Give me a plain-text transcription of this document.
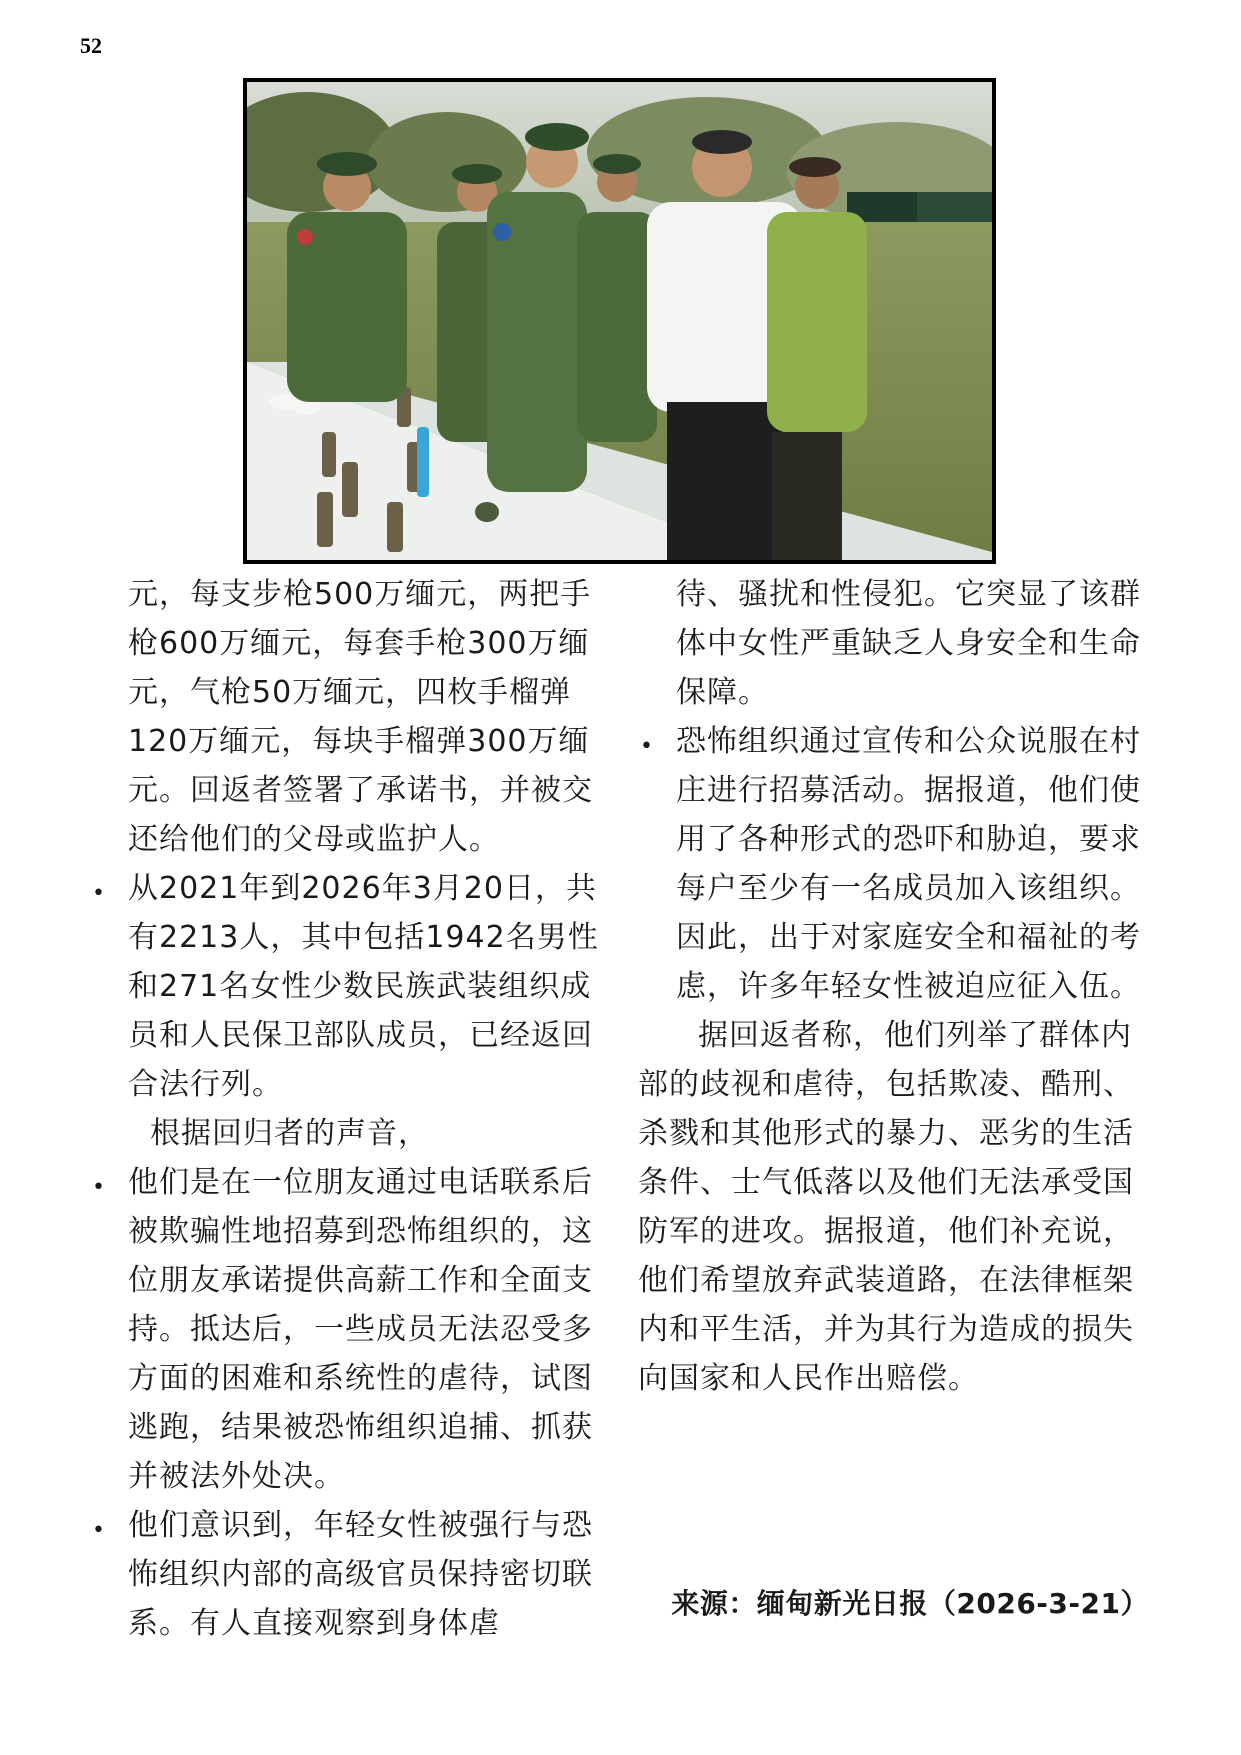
52

元，每支步枪500万缅元，两把手枪600万缅元，每套手枪300万缅元，气枪50万缅元，四枚手榴弹120万缅元，每块手榴弹300万缅元。回返者签署了承诺书，并被交还给他们的父母或监护人。

• 从2021年到2026年3月20日，共有2213人，其中包括1942名男性和271名女性少数民族武装组织成员和人民保卫部队成员，已经返回合法行列。

根据回归者的声音，

• 他们是在一位朋友通过电话联系后被欺骗性地招募到恐怖组织的，这位朋友承诺提供高薪工作和全面支持。抵达后，一些成员无法忍受多方面的困难和系统性的虐待，试图逃跑，结果被恐怖组织追捕、抓获并被法外处决。
• 他们意识到，年轻女性被强行与恐怖组织内部的高级官员保持密切联系。有人直接观察到身体虐

待、骚扰和性侵犯。它突显了该群体中女性严重缺乏人身安全和生命保障。

• 恐怖组织通过宣传和公众说服在村庄进行招募活动。据报道，他们使用了各种形式的恐吓和胁迫，要求每户至少有一名成员加入该组织。因此，出于对家庭安全和福祉的考虑，许多年轻女性被迫应征入伍。

据回返者称，他们列举了群体内部的歧视和虐待，包括欺凌、酷刑、杀戮和其他形式的暴力、恶劣的生活条件、士气低落以及他们无法承受国防军的进攻。据报道，他们补充说，他们希望放弃武装道路，在法律框架内和平生活，并为其行为造成的损失向国家和人民作出赔偿。

来源：缅甸新光日报（2026-3-21）
